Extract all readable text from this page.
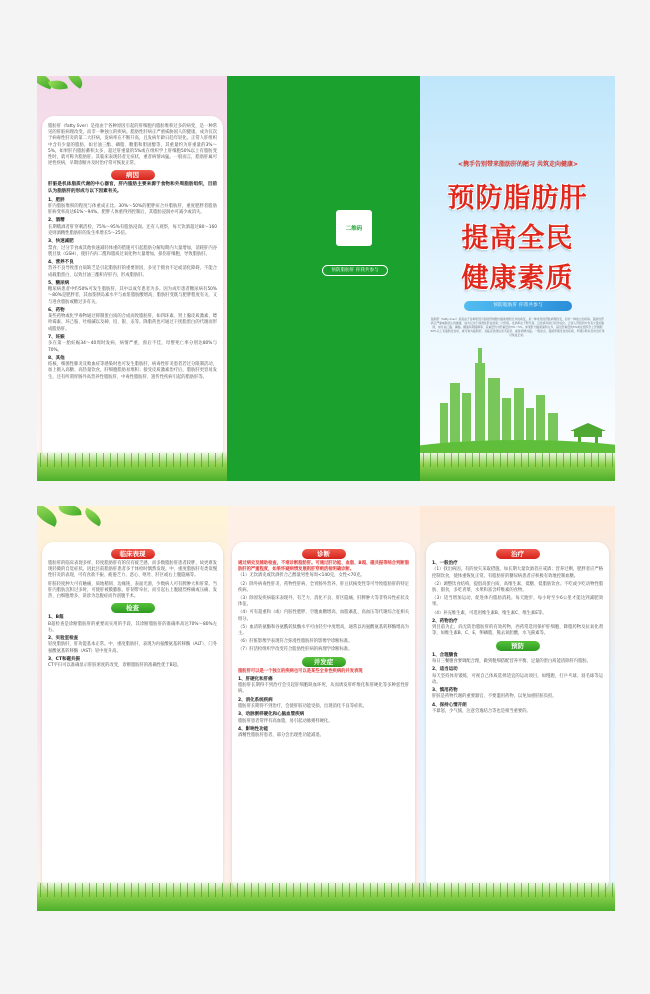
脂肪肝（fatty liver）是指由于各种原因引起的肝细胞内脂肪堆积过多的病变，是一种常见的肝脏病理改变，而非一种独立的疾病。脂肪性肝病正严重威胁国人的健康，成为仅次于病毒性肝炎的第二大肝病，发病率在不断升高，且发病年龄日趋年轻化。正常人肝组织中含有少量的脂肪，如甘油三酯、磷脂、糖脂和胆固醇等，其重量约为肝重量的3%～5%，如果肝内脂肪蓄积太多，超过肝重量的5%或在组织学上肝细胞50%以上有脂肪变性时，就可称为脂肪肝。其临床表现轻者无症状，重者病情凶猛。一般而言，脂肪肝属可逆性疾病，早期诊断并及时治疗常可恢复正常。

病因

肝脏是机体脂质代谢的中心器官，肝内脂肪主要来源于食物和外周脂肪组织，目前认为脂肪肝的形成与以下因素有关。

1、肥胖

肝内脂肪堆积的程度与体重成正比。30%～50%的肥胖症合并脂肪肝，重度肥胖者脂肪肝病变率高达61%～94%。肥胖人体重得到控制后，其脂肪浸润亦可减少或消失。

2、酒精

长期嗜酒者肝穿刺活检，75%～95%有脂肪浸润。还有人观察，每天饮酒超过80～160克则酒精性脂肪肝的发生率增长5～25倍。

3、快速减肥

禁食、过分节食或其他快速减轻体重的措施可引起脂肪分解短期内大量增加，消耗肝内谷胱甘肽（GSH），使肝内丙二醛和脂质过氧化物大量增加，损伤肝细胞，导致脂肪肝。

4、营养不良

营养不良导致蛋白质缺乏是引起脂肪肝的重要原因，多见于摄食不足或消化障碍，不能合成载脂蛋白，以致甘油三酯积存肝内，形成脂肪肝。

5、糖尿病

糖尿病患者中约50%可发生脂肪肝，其中以成年患者为多。因为成年患者糖尿病有50%～80%是肥胖者，其血浆胰岛素水平与血浆脂肪酸增高，脂肪肝变既与肥胖程度有关，又与进食脂肪或糖过多有关。

6、药物

某些药物或化学毒物通过抑制蛋白质的合成而致脂肪肝，如四环素、肾上腺皮质激素、嘌呤霉素、环己胺、吐根碱以及砷、铅、银、汞等。降脂药也可通过干扰脂蛋白的代谢而形成脂肪肝。

7、妊娠

多在第一胎妊娠34～40周时发病，病情严重，预后不佳，母婴死亡率分别达80%与70%。

8、其他

结核、细菌性肺炎及败血症等感染时也可发生脂肪肝，病毒性肝炎患者若过分限制活动，加上摄入高糖、高热量饮食，肝细胞脂肪易堆积；接受皮质激素治疗后，脂肪肝更容易发生。还有所谓胃肠外高营养性脂肪肝、中毒性脂肪肝、遗传性疾病引起的脂肪肝等。

二维码
预防脂肪肝 你我共参与
<携手告别带来脂肪肝的陋习 共筑走向健康>
预防脂肪肝
提高全民
健康素质
预防脂肪肝 你我共参与
脂肪肝（fatty liver）是指由于各种原因引起的肝细胞内脂肪堆积过多的病变，是一种常见的肝脏病理改变，而非一种独立的疾病。脂肪性肝病正严重威胁国人的健康，成为仅次于病毒性肝炎的第二大肝病，发病率在不断升高，且发病年龄日趋年轻化。正常人肝组织中含有少量的脂肪，如甘油三酯、磷脂、糖脂和胆固醇等，其重量约为肝重量的3%～5%，如果肝内脂肪蓄积太多，超过肝重量的5%或在组织学上肝细胞50%以上有脂肪变性时，就可称为脂肪肝。其临床表现轻者无症状，重者病情凶猛。一般而言，脂肪肝属可逆性疾病，早期诊断并及时治疗常可恢复正常。
临床表现

脂肪肝的临床表现多样，轻度脂肪肝有的仅有疲乏感，而多数脂肪肝患者较胖，故更难发现轻微的自觉症状。因此目前脂肪肝患者多于体检时偶然发现。中、重度脂肪肝有类似慢性肝炎的表现，可有食欲不振、疲倦乏力、恶心、呕吐、肝区或右上腹隐痛等。

肝脏轻度肿大可有触痛，质地稍韧、边缘钝、表面光滑，少数病人可有脾肿大和肝掌。当肝内脂肪沉积过多时，可使肝被膜膨胀、肝韧带牵拉，而引起右上腹剧烈疼痛或压痛、发热、白细胞增多，误诊为急腹症而作剖腹手术。

检查
1、B超

B超检查是诊断脂肪肝的重要而实用的手段，其诊断脂肪肝的准确率高达70%～80%左右。

2、实验室检查

轻度脂肪肝，肝功能基本正常。中、重度脂肪肝，表现为丙氨酸氨基转移酶（ALT）、门冬氨酸氨基转移酶（AST）轻中度升高。

3、CT和磁共振

CT平扫可以准确显示肝脏密度的改变，诊断脂肪肝的准确性优于B超。

诊断

通过病史及辅助检查，不难诊断脂肪肝。可通过肝功能、血脂、B超、磁共振等综合判断脂肪肝的严重程度，如果怀疑病情发展则肝穿刺活检明确诊断。

（1）无饮酒史或饮酒折合乙醇量男性每周<140克，女性<70克。

（2）除外病毒性肝炎、药物性肝病、全胃肠外营养、肝豆状核变性等可导致脂肪肝的特定疾病。

（3）除原发疾病临床表现外，有乏力、消化不良、肝区隐痛、肝脾肿大等非特异性症状及体征。

（4）可有超重和（或）内脏性肥胖、空腹血糖增高、血脂紊乱、高血压等代谢综合征相关组分。

（5）血清转氨酶和谷氨酰转肽酶水平可由轻至中度增高，通常以丙氨酸氨基转移酶增高为主。

（6）肝脏影像学表现符合弥漫性脂肪肝的影像学诊断标准。

（7）肝活检组织学改变符合脂肪性肝病的病理学诊断标准。

并发症

脂肪肝可以是一个独立的疾病也可以是某些全身性疾病的并发表现

1、肝硬化和肝癌

脂肪肝长期得不到治疗会引起肝细胞缺血坏死，从而诱发肝纤维化和肝硬化等多种恶性肝病。

2、消化系统疾病

脂肪肝长期得不到治疗，会使肝脏功能受损，出现消化不良等症状。

3、动脉粥样硬化和心脑血管疾病

脂肪肝患者常伴有高血脂，易引起动脉粥样硬化。

4、影响性功能

酒精性脂肪肝患者，部分会出现性功能减退。

治疗
1、一般治疗

（1）找出病因，有的放矢采取措施。如长期大量饮酒者应戒酒；营养过剩、肥胖者应严格控制饮食，使体重恢复正常。有脂肪肝的糖尿病患者应积极有效地控制血糖。

（2）调整饮食结构，提倡高蛋白质、高维生素、低糖、低脂肪饮食。不吃或少吃动物性脂肪、甜食，多吃青菜、水果和富含纤维素的食物。

（3）适当增加运动，促进体内脂肪消耗。每天跑步，每小时至少6公里才能达到减肥效果。

（4）补充维生素，可选用维生素B、维生素C、维生素E等。

2、药物治疗

到目前为止，尚无防治脂肪肝的有效药物，西药常选用保护肝细胞、降脂药物及抗氧化剂等，如维生素B、C、E，卵磷脂，熊去氧胆酸，水飞蓟素等。

预防
1、合理膳食

每日三餐膳食要调配合理，做到粗细搭配营养平衡，足量的蛋白质能清除肝内脂肪。

2、适当运动

每天坚持体育锻炼，可视自己体质选择适宜的运动项目，如慢跑、打乒乓球、羽毛球等运动。

3、慎用药物

肝脏是药物代谢的重要器官，不要滥用药物，以免加重肝脏负担。

4、保持心情开朗

不暴怒，少气恼，注意劳逸结合等也是相当重要的。
